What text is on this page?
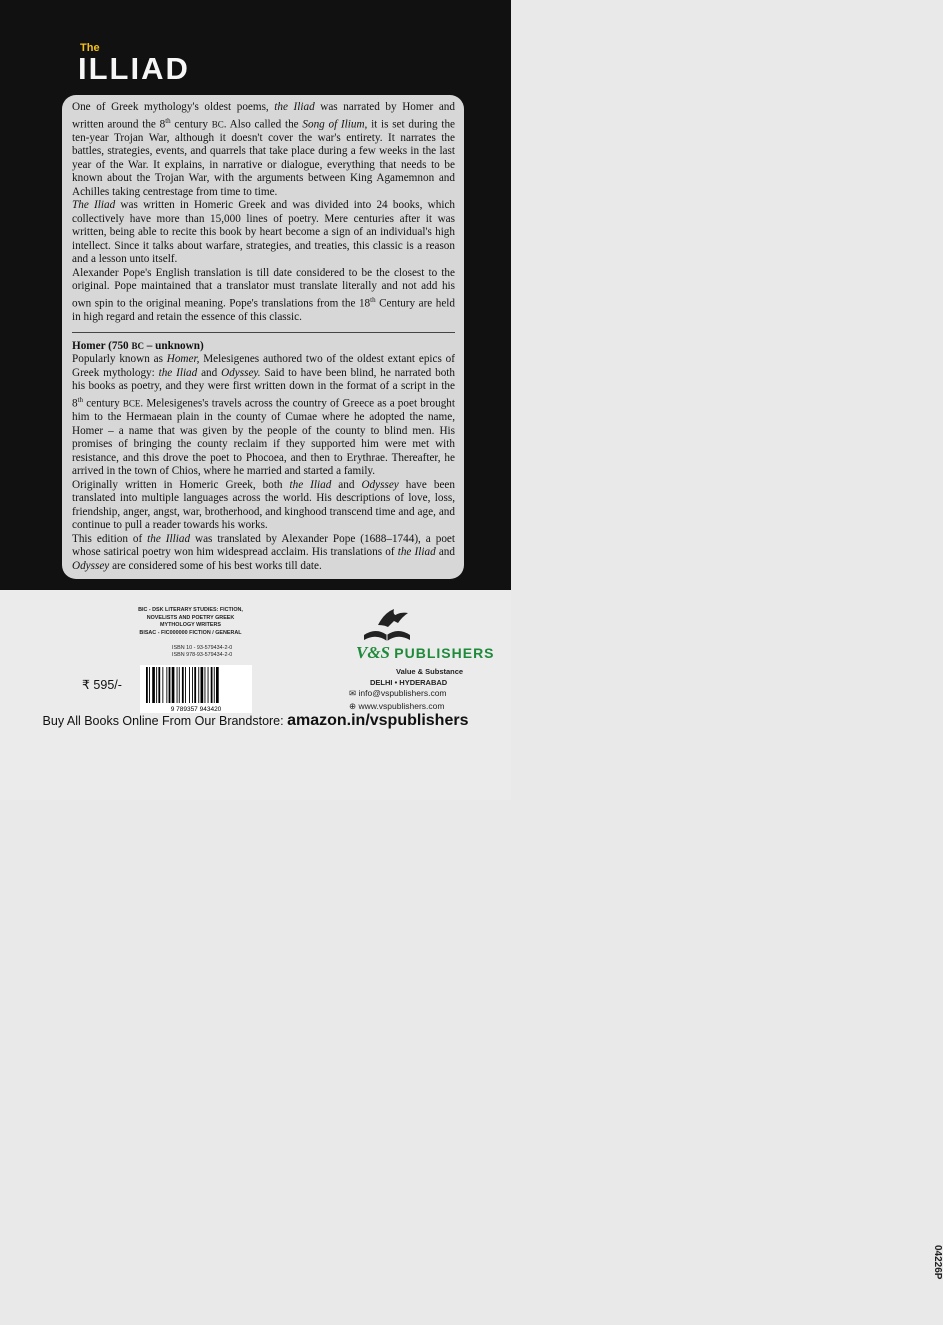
The
ILLIAD

One of Greek mythology's oldest poems, the Iliad was narrated by Homer and written around the 8th century BC. Also called the Song of Ilium, it is set during the ten-year Trojan War, although it doesn't cover the war's entirety. It narrates the battles, strategies, events, and quarrels that take place during a few weeks in the last year of the War. It explains, in narrative or dialogue, everything that needs to be known about the Trojan War, with the arguments between King Agamemnon and Achilles taking centrestage from time to time.

The Iliad was written in Homeric Greek and was divided into 24 books, which collectively have more than 15,000 lines of poetry. Mere centuries after it was written, being able to recite this book by heart become a sign of an individual's high intellect. Since it talks about warfare, strategies, and treaties, this classic is a reason and a lesson unto itself.

Alexander Pope's English translation is till date considered to be the closest to the original. Pope maintained that a translator must translate literally and not add his own spin to the original meaning. Pope's translations from the 18th Century are held in high regard and retain the essence of this classic.

Homer (750 BC – unknown)

Popularly known as Homer, Melesigenes authored two of the oldest extant epics of Greek mythology: the Iliad and Odyssey. Said to have been blind, he narrated both his books as poetry, and they were first written down in the format of a script in the 8th century BCE. Melesigenes's travels across the country of Greece as a poet brought him to the Hermaean plain in the county of Cumae where he adopted the name, Homer – a name that was given by the people of the county to blind men. His promises of bringing the county reclaim if they supported him were met with resistance, and this drove the poet to Phocoea, and then to Erythrae. Thereafter, he arrived in the town of Chios, where he married and started a family.

Originally written in Homeric Greek, both the Iliad and Odyssey have been translated into multiple languages across the world. His descriptions of love, loss, friendship, anger, angst, war, brotherhood, and kinghood transcend time and age, and continue to pull a reader towards his works.

This edition of the Illiad was translated by Alexander Pope (1688–1744), a poet whose satirical poetry won him widespread acclaim. His translations of the Iliad and Odyssey are considered some of his best works till date.

BIC - DSK LITERARY STUDIES: FICTION,
NOVELISTS AND POETRY GREEK
MYTHOLOGY WRITERS
BISAC - FIC000000 FICTION / GENERAL
ISBN 10 - 93-579434-2-0
ISBN 978-93-579434-2-0
9 789357 943420
₹ 595/-
V&S PUBLISHERS
Value & Substance
DELHI • HYDERABAD
✉ info@vspublishers.com
⊕ www.vspublishers.com
04226P
Buy All Books Online From Our Brandstore: amazon.in/vspublishers
